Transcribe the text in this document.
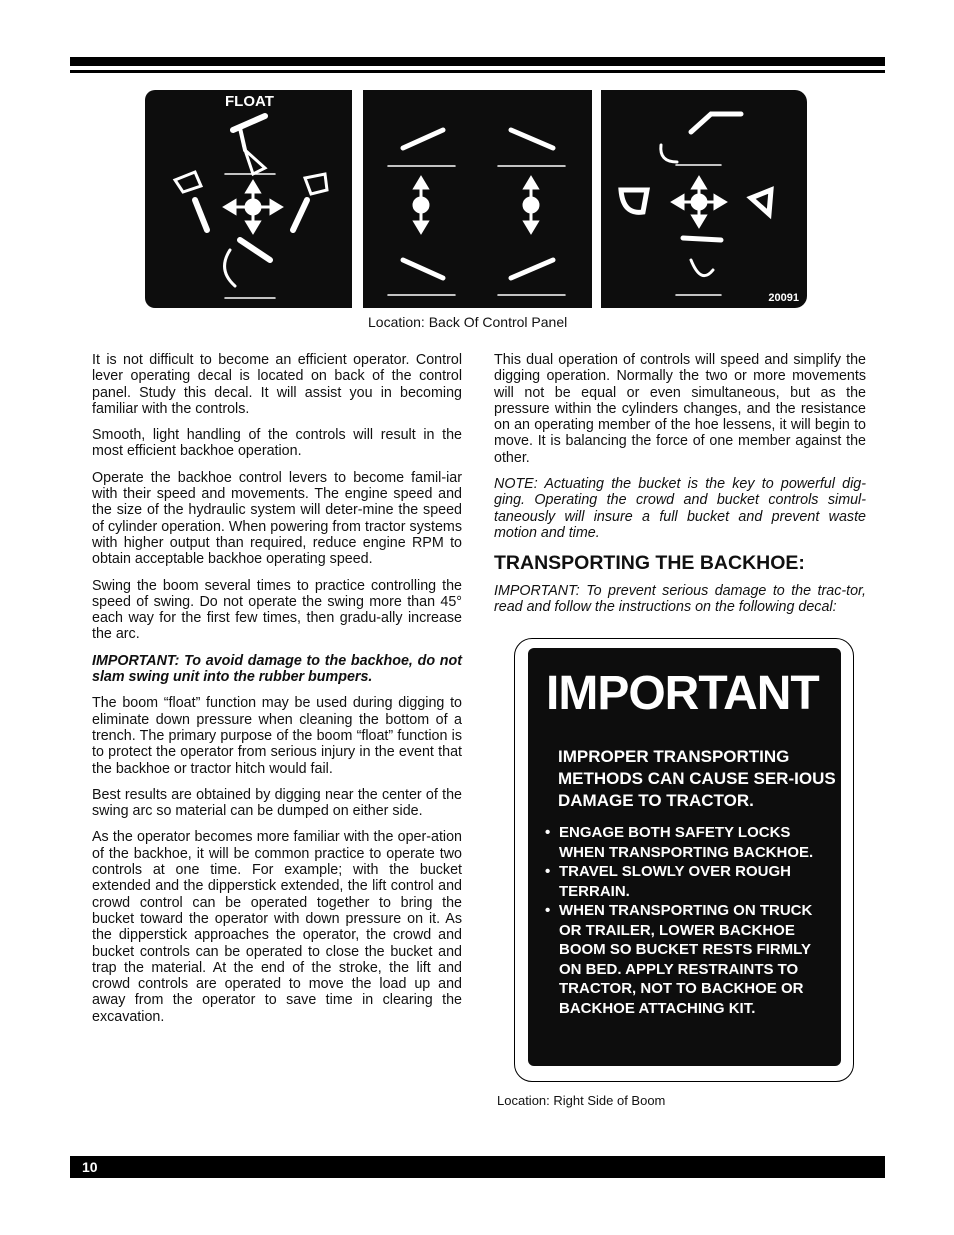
FLOAT
20091
Location: Back Of Control Panel

It is not difficult to become an efficient operator. Control lever operating decal is located on back of the control panel. Study this decal. It will assist you in becoming familiar with the controls.

Smooth, light handling of the controls will result in the most efficient backhoe operation.

Operate the backhoe control levers to become famil-iar with their speed and movements. The engine speed and the size of the hydraulic system will deter-mine the speed of cylinder operation. When powering from tractor systems with higher output than required, reduce engine RPM to obtain acceptable backhoe operating speed.

Swing the boom several times to practice controlling the speed of swing. Do not operate the swing more than 45° each way for the first few times, then gradu-ally increase the arc.

IMPORTANT: To avoid damage to the backhoe, do not slam swing unit into the rubber bumpers.

The boom “float” function may be used during digging to eliminate down pressure when cleaning the bottom of a trench. The primary purpose of the boom “float” function is to protect the operator from serious injury in the event that the backhoe or tractor hitch would fail.

Best results are obtained by digging near the center of the swing arc so material can be dumped on either side.

As the operator becomes more familiar with the oper-ation of the backhoe, it will be common practice to operate two controls at one time. For example; with the bucket extended and the dipperstick extended, the lift control and crowd control can be operated together to bring the bucket toward the operator with down pressure on it. As the dipperstick approaches the operator, the crowd and bucket controls can be operated to close the bucket and trap the material. At the end of the stroke, the lift and crowd controls are operated to move the load up and away from the operator to save time in clearing the excavation.

This dual operation of controls will speed and simplify the digging operation. Normally the two or more movements will not be equal or even simultaneous, but as the pressure within the cylinders changes, and the resistance on an operating member of the hoe lessens, it will begin to move. It is balancing the force of one member against the other.

NOTE: Actuating the bucket is the key to powerful dig-ging. Operating the crowd and bucket controls simul-taneously will insure a full bucket and prevent waste motion and time.

TRANSPORTING THE BACKHOE:
IMPORTANT: To prevent serious damage to the trac-tor, read and follow the instructions on the following decal:
IMPORTANT
IMPROPER TRANSPORTING METHODS CAN CAUSE SER-IOUS DAMAGE TO TRACTOR.
• ENGAGE BOTH SAFETY LOCKS WHEN TRANSPORTING BACKHOE.
• TRAVEL SLOWLY OVER ROUGH TERRAIN.
• WHEN TRANSPORTING ON TRUCK OR TRAILER, LOWER BACKHOE BOOM SO BUCKET RESTS FIRMLY ON BED. APPLY RESTRAINTS TO TRACTOR, NOT TO BACKHOE OR BACKHOE ATTACHING KIT.
Location: Right Side of Boom
10
